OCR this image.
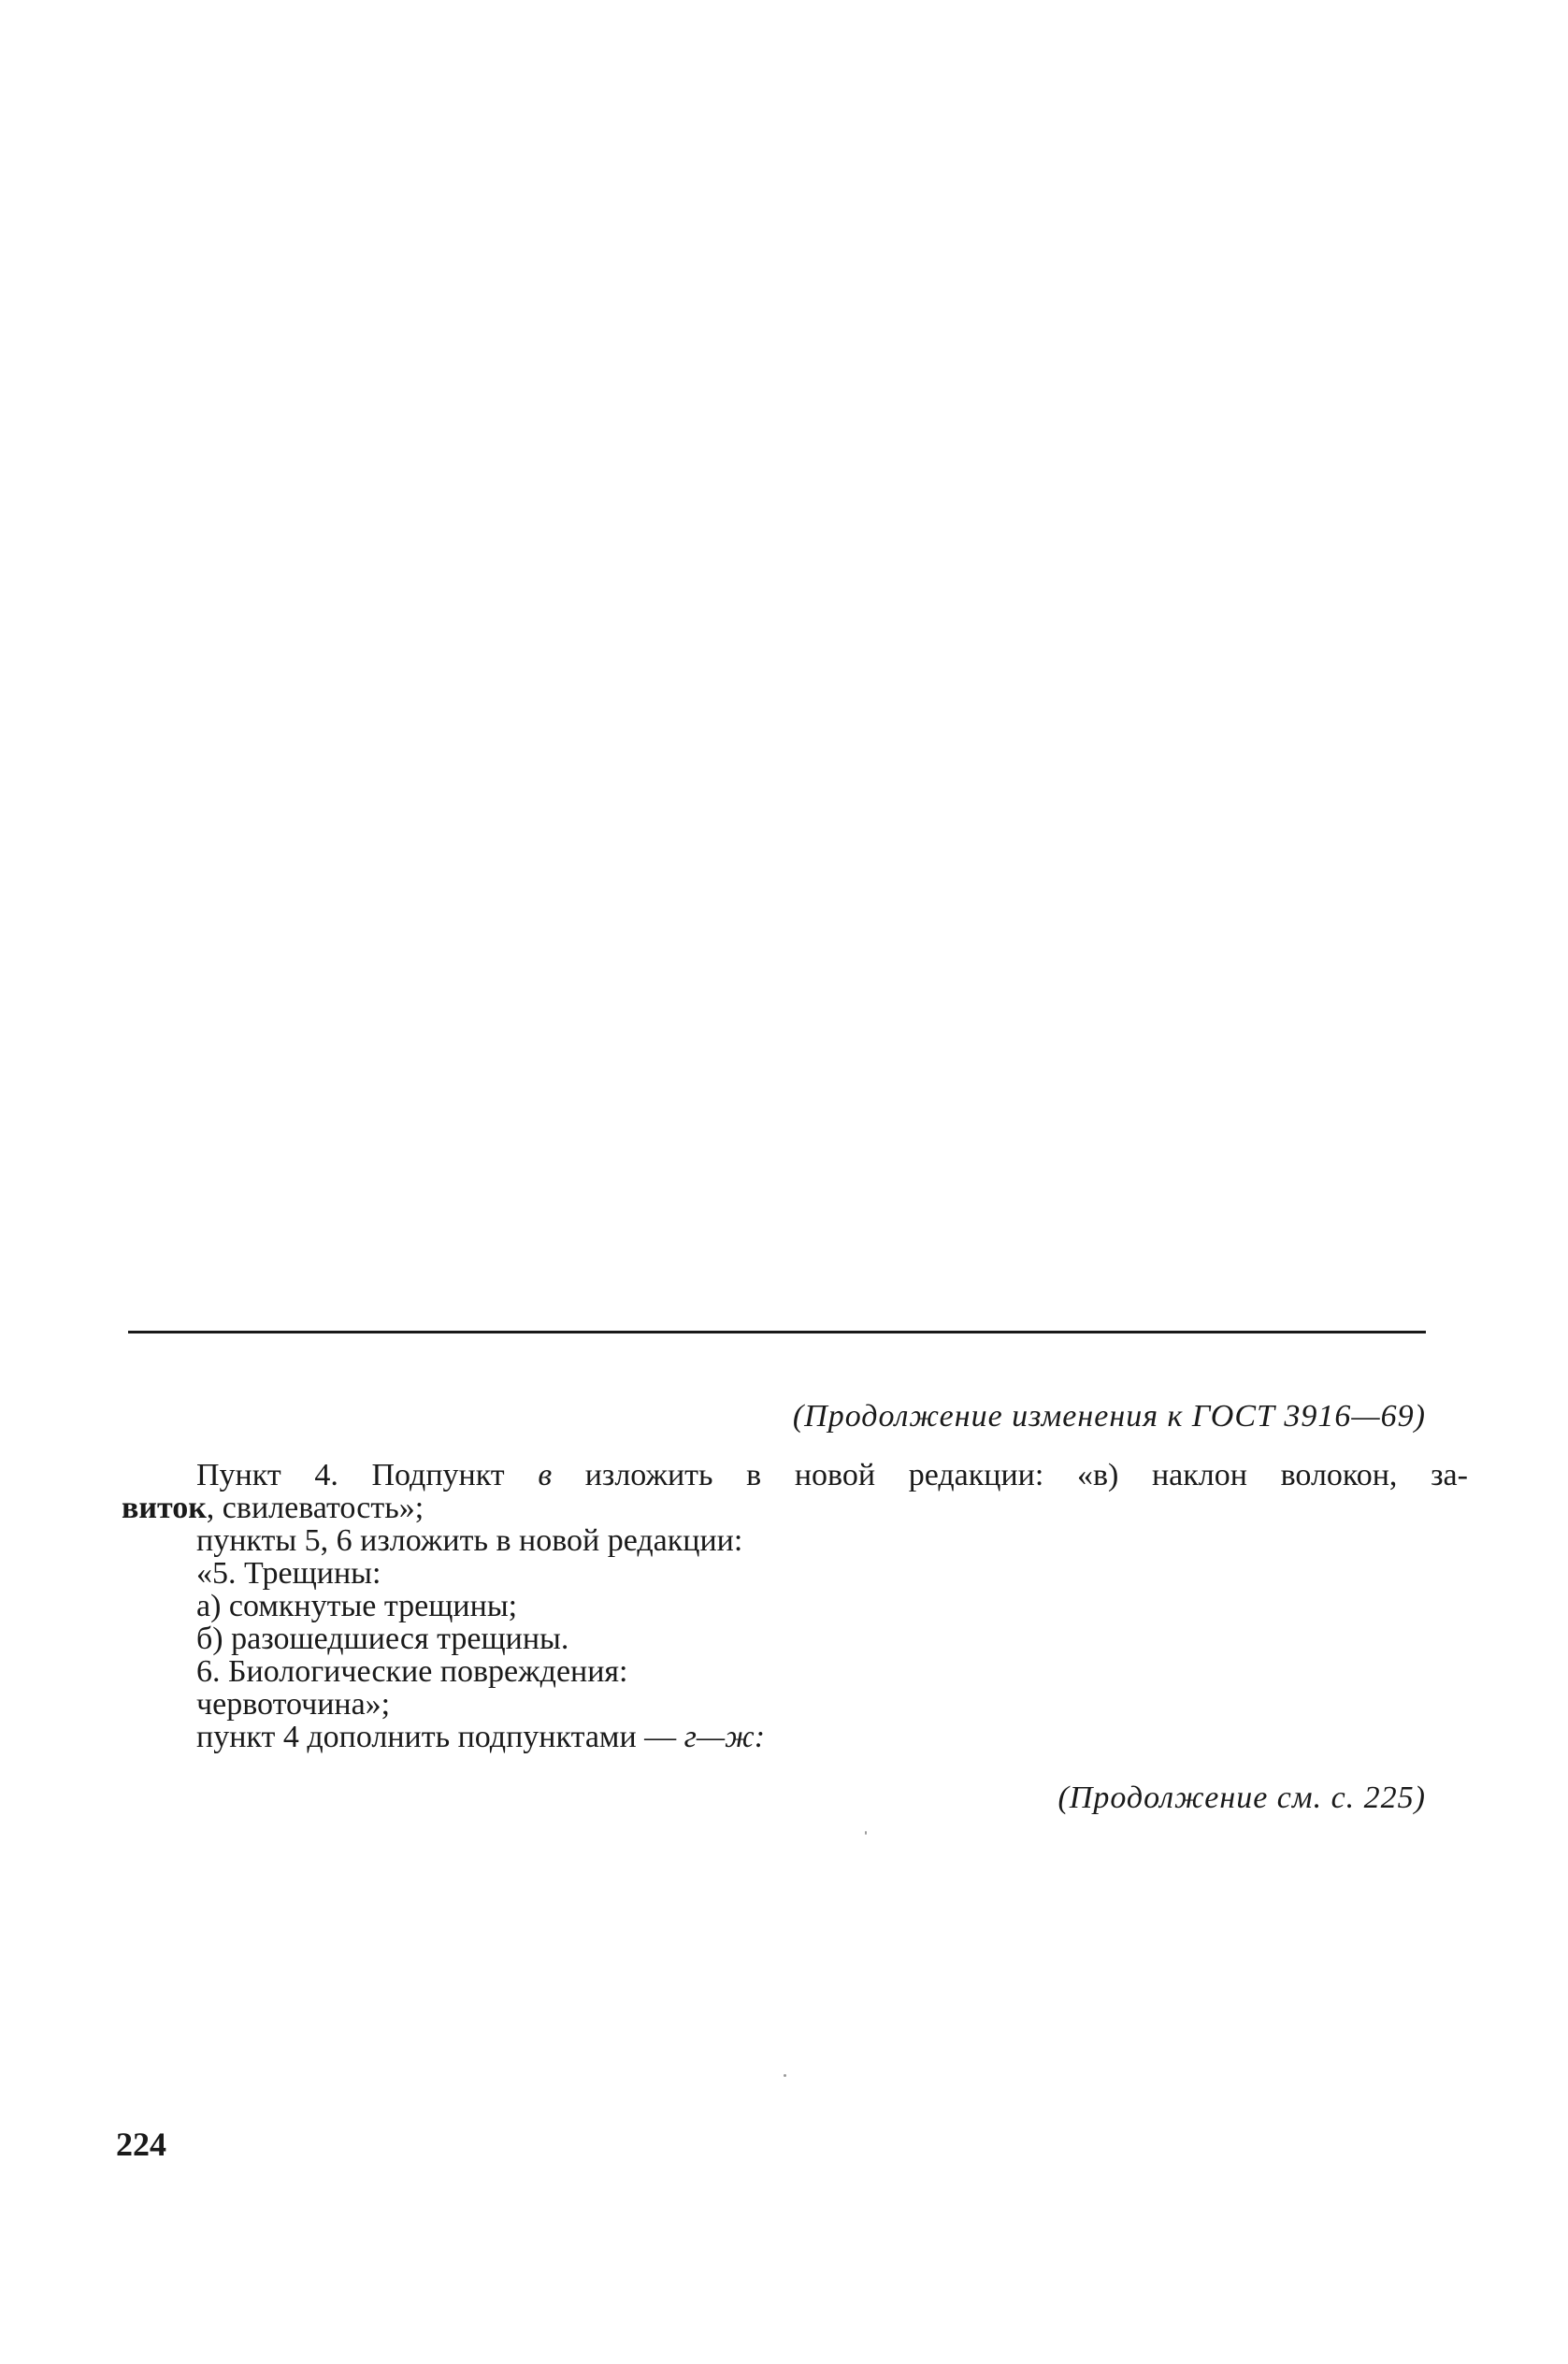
(Продолжение изменения к ГОСТ 3916—69)
Пункт 4. Подпункт в изложить в новой редакции: «в) наклон волокон, за-
виток, свилеватость»;
пункты 5, 6 изложить в новой редакции:
«5. Трещины:
а) сомкнутые трещины;
б) разошедшиеся трещины.
6. Биологические повреждения:
червоточина»;
пункт 4 дополнить подпунктами — г—ж:
(Продолжение см. с. 225)
224
